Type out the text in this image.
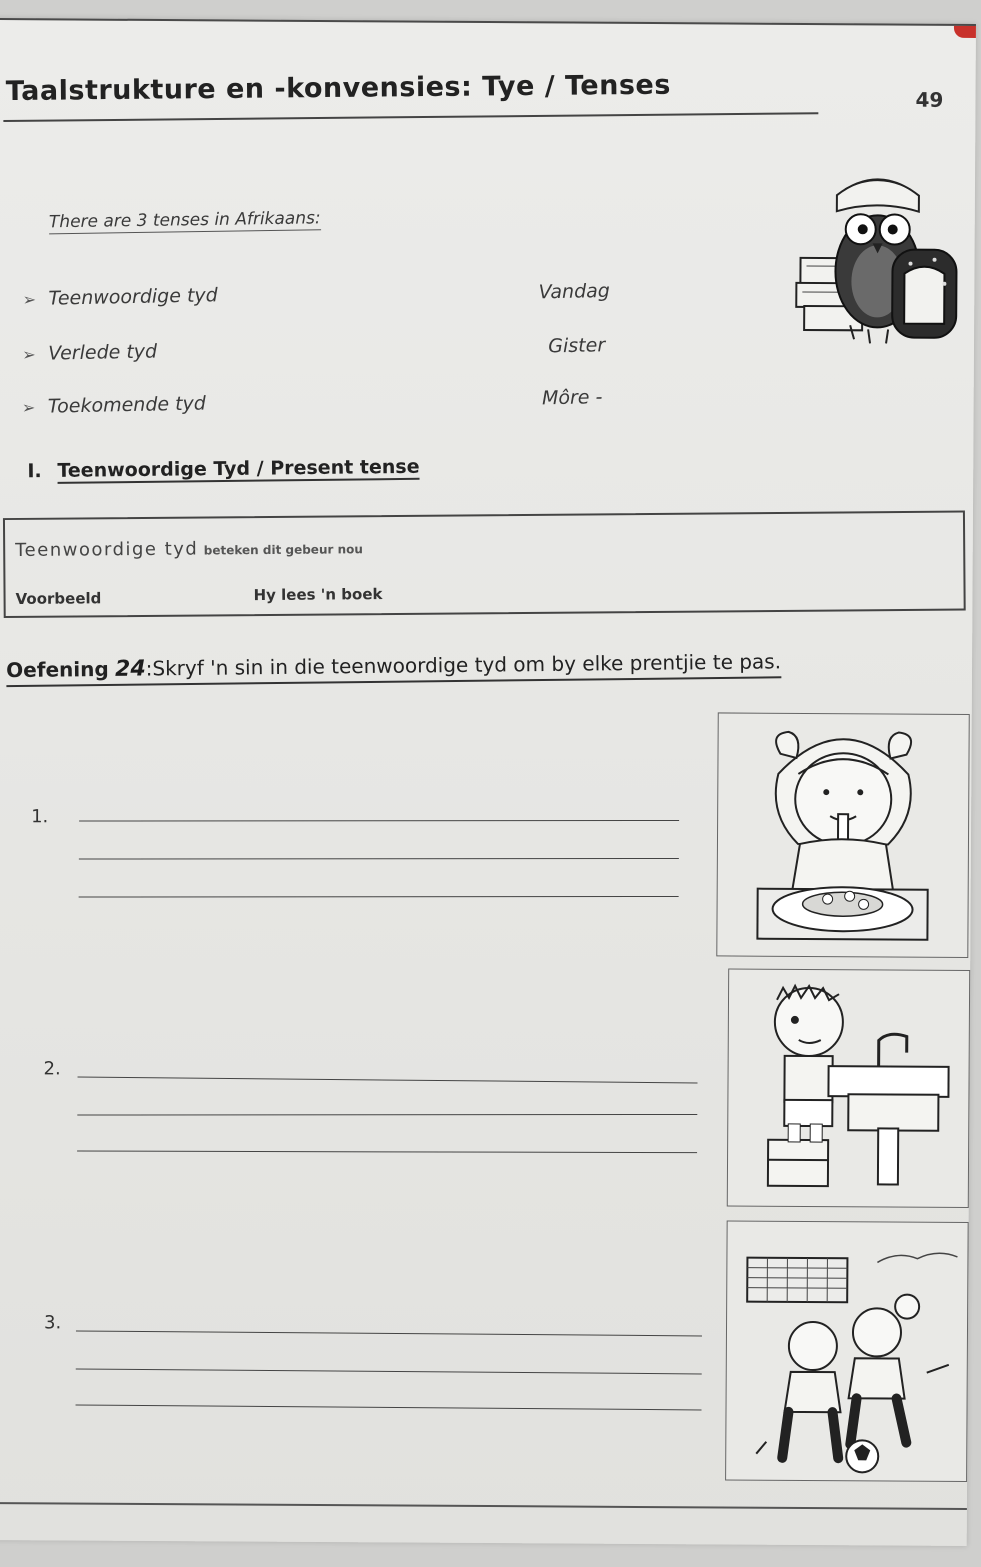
Taalstrukture en -konvensies: Tye / Tenses	49
There are 3 tenses in Afrikaans:
➢ Teenwoordige tyd
➢ Verlede tyd
➢ Toekomende tyd
Vandag
Gister
Môre -
I. Teenwoordige Tyd / Present tense
Teenwoordige tyd beteken dit gebeur nou
Voorbeeld	Hy lees 'n boek
Oefening 24:Skryf 'n sin in die teenwoordige tyd om by elke prentjie te pas.
1.
2.
3.
